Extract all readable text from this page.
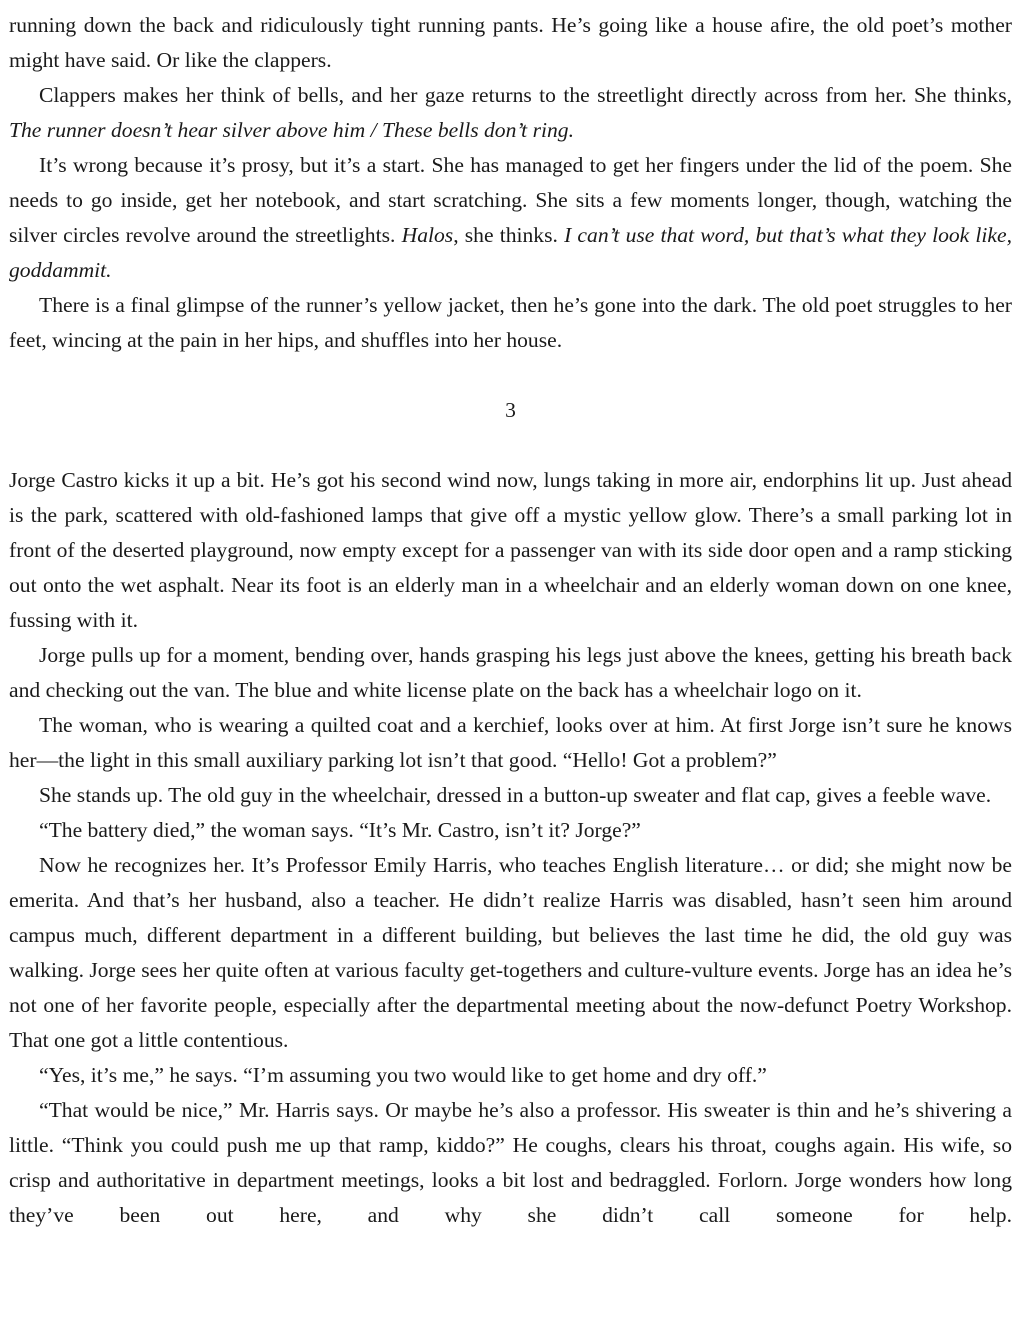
running down the back and ridiculously tight running pants. He’s going like a house afire, the old poet’s mother might have said. Or like the clappers.

Clappers makes her think of bells, and her gaze returns to the streetlight directly across from her. She thinks, The runner doesn’t hear silver above him / These bells don’t ring.

It’s wrong because it’s prosy, but it’s a start. She has managed to get her fingers under the lid of the poem. She needs to go inside, get her notebook, and start scratching. She sits a few moments longer, though, watching the silver circles revolve around the streetlights. Halos, she thinks. I can’t use that word, but that’s what they look like, goddammit.

There is a final glimpse of the runner’s yellow jacket, then he’s gone into the dark. The old poet struggles to her feet, wincing at the pain in her hips, and shuffles into her house.

3

Jorge Castro kicks it up a bit. He’s got his second wind now, lungs taking in more air, endorphins lit up. Just ahead is the park, scattered with old-fashioned lamps that give off a mystic yellow glow. There’s a small parking lot in front of the deserted playground, now empty except for a passenger van with its side door open and a ramp sticking out onto the wet asphalt. Near its foot is an elderly man in a wheelchair and an elderly woman down on one knee, fussing with it.

Jorge pulls up for a moment, bending over, hands grasping his legs just above the knees, getting his breath back and checking out the van. The blue and white license plate on the back has a wheelchair logo on it.

The woman, who is wearing a quilted coat and a kerchief, looks over at him. At first Jorge isn’t sure he knows her—the light in this small auxiliary parking lot isn’t that good. “Hello! Got a problem?”

She stands up. The old guy in the wheelchair, dressed in a button-up sweater and flat cap, gives a feeble wave.

“The battery died,” the woman says. “It’s Mr. Castro, isn’t it? Jorge?”

Now he recognizes her. It’s Professor Emily Harris, who teaches English literature… or did; she might now be emerita. And that’s her husband, also a teacher. He didn’t realize Harris was disabled, hasn’t seen him around campus much, different department in a different building, but believes the last time he did, the old guy was walking. Jorge sees her quite often at various faculty get-togethers and culture-vulture events. Jorge has an idea he’s not one of her favorite people, especially after the departmental meeting about the now-defunct Poetry Workshop. That one got a little contentious.

“Yes, it’s me,” he says. “I’m assuming you two would like to get home and dry off.”

“That would be nice,” Mr. Harris says. Or maybe he’s also a professor. His sweater is thin and he’s shivering a little. “Think you could push me up that ramp, kiddo?” He coughs, clears his throat, coughs again. His wife, so crisp and authoritative in department meetings, looks a bit lost and bedraggled. Forlorn. Jorge wonders how long they’ve been out here, and why she didn’t call someone for help.
